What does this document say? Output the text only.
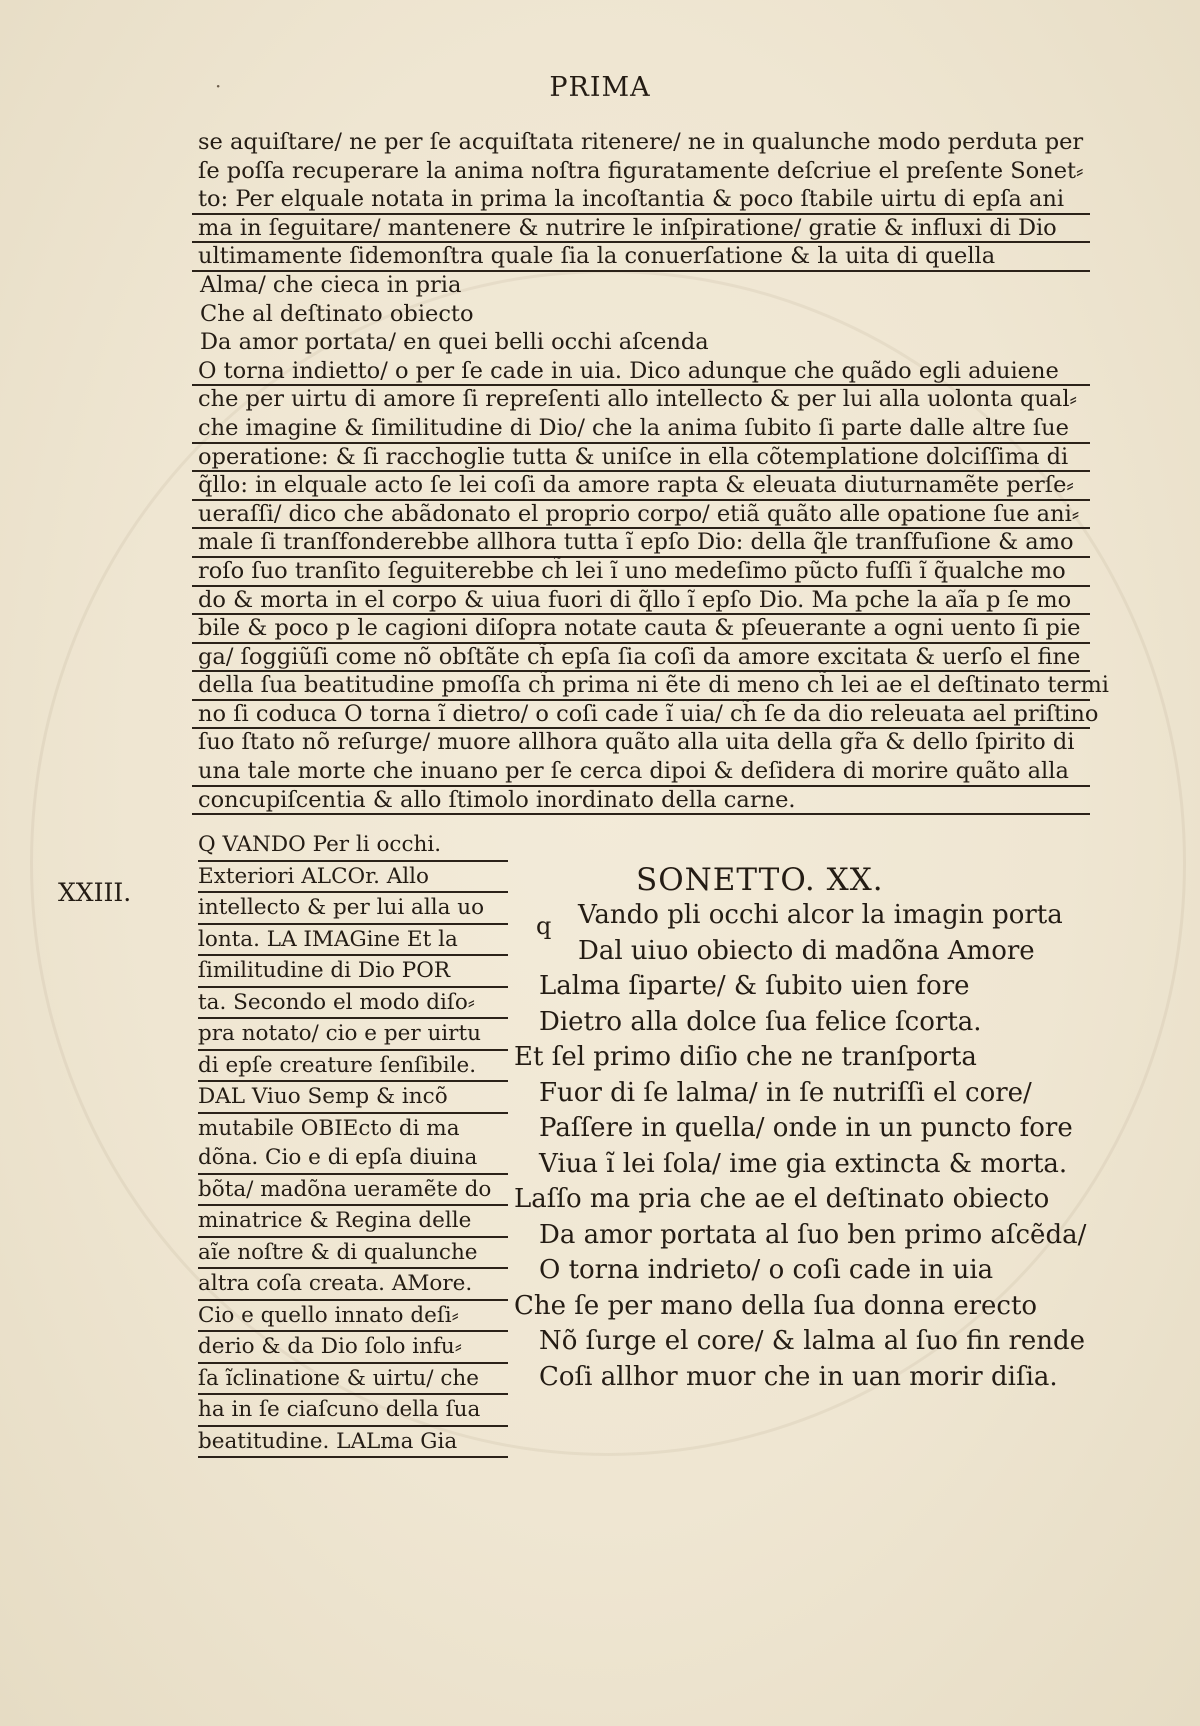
·	PRIMA
se aquiſtare/ ne per ſe acquiſtata ritenere/ ne in qualunche modo perduta per
ſe poſſa recuperare la anima noſtra figuratamente deſcriue el preſente Sonet⸗
to: Per elquale notata in prima la incoſtantia & poco ſtabile uirtu di epſa ani
ma in ſeguitare/ mantenere & nutrire le inſpiratione/ gratie & influxi di Dio
ultimamente ſidemonſtra quale ſia la conuerſatione & la uita di quella
Alma/ che cieca in pria
Che al deſtinato obiecto
Da amor portata/ en quei belli occhi aſcenda
O torna indietto/ o per ſe cade in uia. Dico adunque che quãdo egli aduiene
che per uirtu di amore ſi repreſenti allo intellecto & per lui alla uolonta qual⸗
che imagine & ſimilitudine di Dio/ che la anima ſubito ſi parte dalle altre ſue
operatione: & ſi racchoglie tutta & uniſce in ella cõtemplatione dolciſſima di
q̃llo: in elquale acto ſe lei coſi da amore rapta & eleuata diuturnamẽte perſe⸗
ueraſſi/ dico che abãdonato el proprio corpo/ etiã quãto alle opatione ſue ani⸗
male ſi tranſfonderebbe allhora tutta ĩ epſo Dio: della q̃le tranſfuſione & amo
roſo ſuo tranſito ſeguiterebbe ch̃ lei ĩ uno medeſimo pũcto fuſſi ĩ q̃ualche mo
do & morta in el corpo & uiua fuori di q̃llo ĩ epſo Dio. Ma pche la aĩa p ſe mo
bile & poco p le cagioni diſopra notate cauta & pſeuerante a ogni uento ſi pie
ga/ ſoggiũſi come nõ obſtãte ch̃ epſa ſia coſi da amore excitata & uerſo el fine
della ſua beatitudine pmoſſa ch̃ prima ni ẽte di meno ch̃ lei ae el deſtinato termi
no ſi coduca O torna ĩ dietro/ o coſi cade ĩ uia/ ch̃ ſe da dio releuata ael priſtino
ſuo ſtato nõ reſurge/ muore allhora quãto alla uita della gr̃a & dello ſpirito di
una tale morte che inuano per ſe cerca dipoi & deſidera di morire quãto alla
concupiſcentia & allo ſtimolo inordinato della carne.
XXIII.
Q VANDO Per li occhi.
Exteriori ALCOr. Allo
intellecto & per lui alla uo
lonta. LA IMAGine Et la
ſimilitudine di Dio POR
ta. Secondo el modo diſo⸗
pra notato/ cio e per uirtu
di epſe creature ſenſibile.
DAL Viuo Semp & incõ
mutabile OBIEcto di ma
dõna. Cio e di epſa diuina
bõta/ madõna ueramẽte do
minatrice & Regina delle
aĩe noſtre & di qualunche
altra coſa creata. AMore.
Cio e quello innato deſi⸗
derio & da Dio ſolo infu⸗
ſa ĩclinatione & uirtu/ che
ha in ſe ciaſcuno della ſua
beatitudine. LALma Gia
SONETTO. XX.
q	Vando pli occhi alcor la imagin porta
Dal uiuo obiecto di madõna Amore
Lalma ſiparte/ & ſubito uien fore
Dietro alla dolce ſua felice ſcorta.
Et ſel primo diſio che ne tranſporta
Fuor di ſe lalma/ in ſe nutriſſi el core/
Paſſere in quella/ onde in un puncto fore
Viua ĩ lei ſola/ ime gia extincta & morta.
Laſſo ma pria che ae el deſtinato obiecto
Da amor portata al ſuo ben primo aſcẽda/
O torna indrieto/ o coſi cade in uia
Che ſe per mano della ſua donna erecto
Nõ ſurge el core/ & lalma al ſuo fin rende
Coſi allhor muor che in uan morir diſia.
